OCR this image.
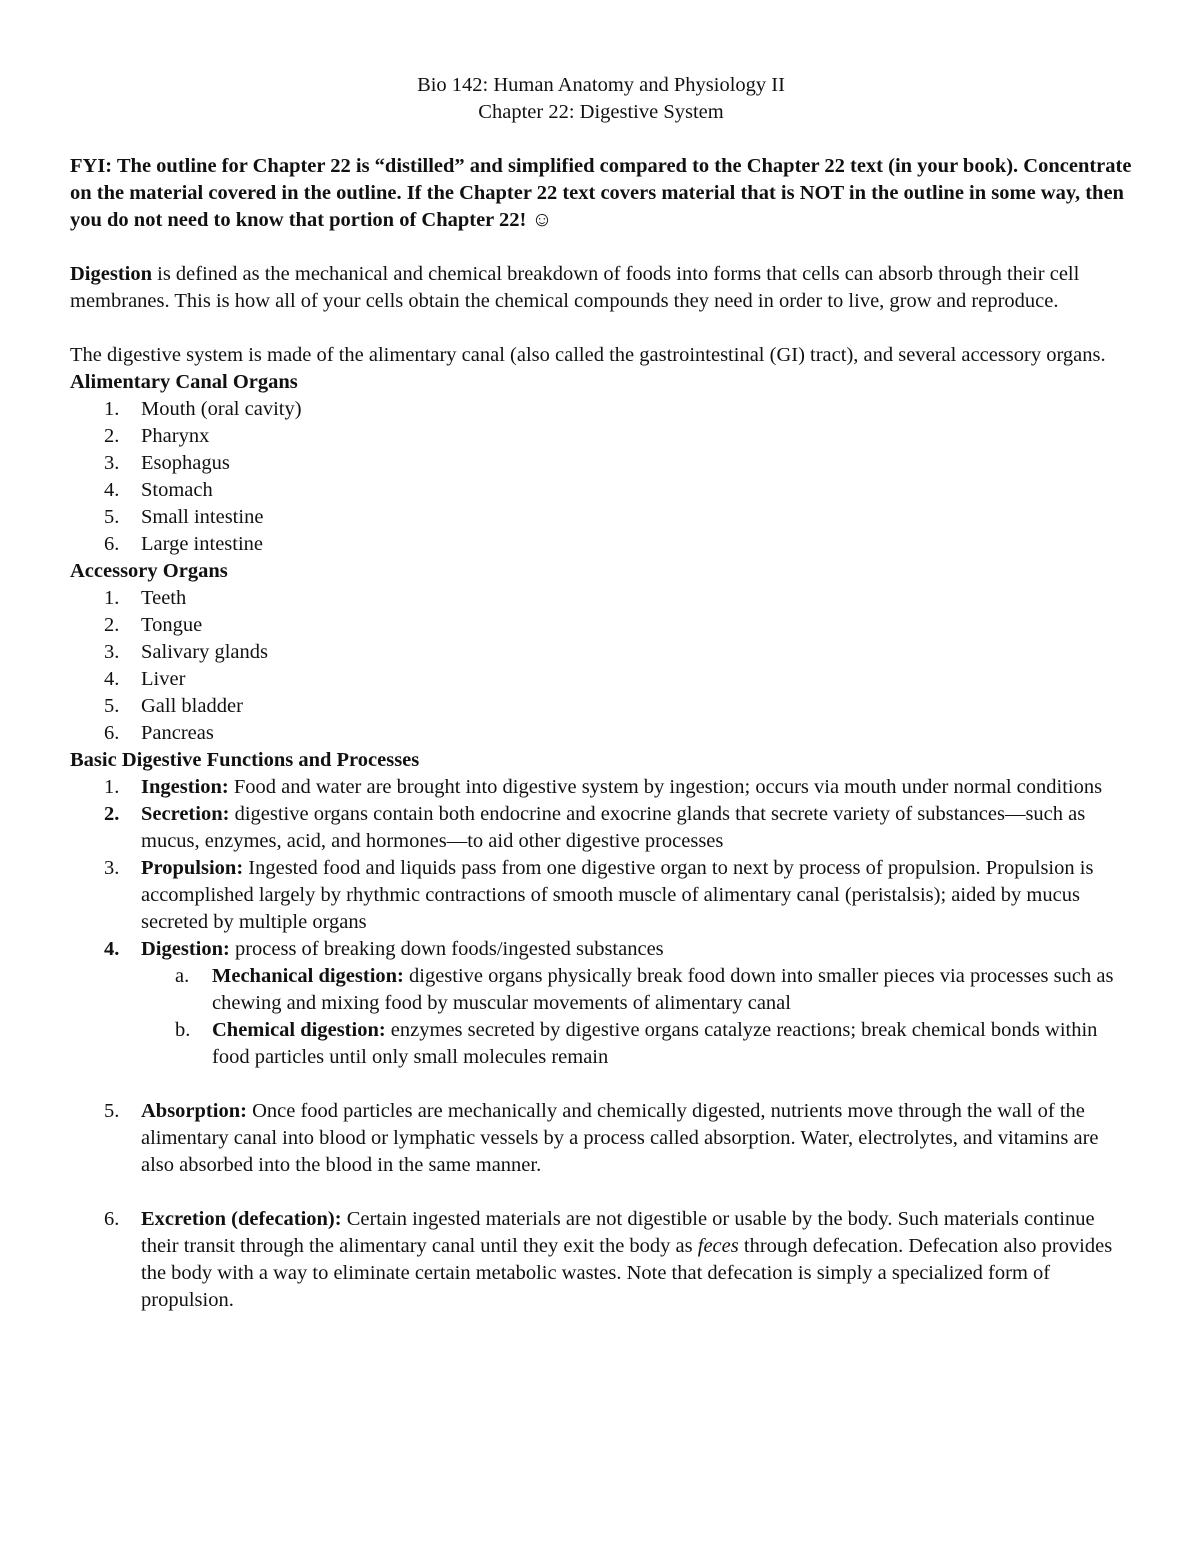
Bio 142: Human Anatomy and Physiology II

Chapter 22: Digestive System

FYI: The outline for Chapter 22 is “distilled” and simplified compared to the Chapter 22 text (in your book). Concentrate on the material covered in the outline. If the Chapter 22 text covers material that is NOT in the outline in some way, then you do not need to know that portion of Chapter 22! ☺

Digestion is defined as the mechanical and chemical breakdown of foods into forms that cells can absorb through their cell membranes. This is how all of your cells obtain the chemical compounds they need in order to live, grow and reproduce.

The digestive system is made of the alimentary canal (also called the gastrointestinal (GI) tract), and several accessory organs.

Alimentary Canal Organs

1.	Mouth (oral cavity)
2.	Pharynx
3.	Esophagus
4.	Stomach
5.	Small intestine
6.	Large intestine

Accessory Organs

1.	Teeth
2.	Tongue
3.	Salivary glands
4.	Liver
5.	Gall bladder
6.	Pancreas

Basic Digestive Functions and Processes

1.	Ingestion: Food and water are brought into digestive system by ingestion; occurs via mouth under normal conditions
2.	Secretion: digestive organs contain both endocrine and exocrine glands that secrete variety of substances—such as mucus, enzymes, acid, and hormones—to aid other digestive processes
3.	Propulsion: Ingested food and liquids pass from one digestive organ to next by process of propulsion. Propulsion is accomplished largely by rhythmic contractions of smooth muscle of alimentary canal (peristalsis); aided by mucus secreted by multiple organs
4.	Digestion: process of breaking down foods/ingested substances
a.	Mechanical digestion: digestive organs physically break food down into smaller pieces via processes such as chewing and mixing food by muscular movements of alimentary canal
b.	Chemical digestion: enzymes secreted by digestive organs catalyze reactions; break chemical bonds within food particles until only small molecules remain
5.	Absorption: Once food particles are mechanically and chemically digested, nutrients move through the wall of the alimentary canal into blood or lymphatic vessels by a process called absorption. Water, electrolytes, and vitamins are also absorbed into the blood in the same manner.
6.	Excretion (defecation): Certain ingested materials are not digestible or usable by the body. Such materials continue their transit through the alimentary canal until they exit the body as feces through defecation. Defecation also provides the body with a way to eliminate certain metabolic wastes. Note that defecation is simply a specialized form of propulsion.
